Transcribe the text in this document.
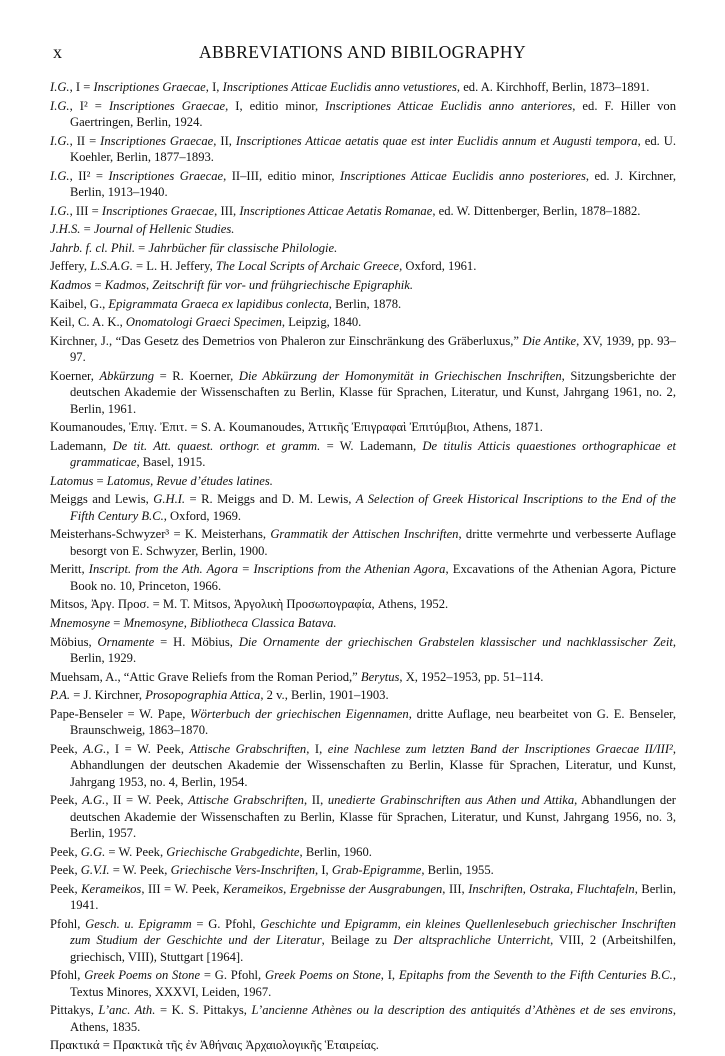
x	ABBREVIATIONS AND BIBILOGRAPHY
I.G., I = Inscriptiones Graecae, I, Inscriptiones Atticae Euclidis anno vetustiores, ed. A. Kirchhoff, Berlin, 1873–1891.
I.G., I² = Inscriptiones Graecae, I, editio minor, Inscriptiones Atticae Euclidis anno anteriores, ed. F. Hiller von Gaertringen, Berlin, 1924.
I.G., II = Inscriptiones Graecae, II, Inscriptiones Atticae aetatis quae est inter Euclidis annum et Augusti tempora, ed. U. Koehler, Berlin, 1877–1893.
I.G., II² = Inscriptiones Graecae, II–III, editio minor, Inscriptiones Atticae Euclidis anno posteriores, ed. J. Kirchner, Berlin, 1913–1940.
I.G., III = Inscriptiones Graecae, III, Inscriptiones Atticae Aetatis Romanae, ed. W. Dittenberger, Berlin, 1878–1882.
J.H.S. = Journal of Hellenic Studies.
Jahrb. f. cl. Phil. = Jahrbücher für classische Philologie.
Jeffery, L.S.A.G. = L. H. Jeffery, The Local Scripts of Archaic Greece, Oxford, 1961.
Kadmos = Kadmos, Zeitschrift für vor- und frühgriechische Epigraphik.
Kaibel, G., Epigrammata Graeca ex lapidibus conlecta, Berlin, 1878.
Keil, C. A. K., Onomatologi Graeci Specimen, Leipzig, 1840.
Kirchner, J., “Das Gesetz des Demetrios von Phaleron zur Einschränkung des Gräberluxus,” Die Antike, XV, 1939, pp. 93–97.
Koerner, Abkürzung = R. Koerner, Die Abkürzung der Homonymität in Griechischen Inschriften, Sitzungsberichte der deutschen Akademie der Wissenschaften zu Berlin, Klasse für Sprachen, Literatur, und Kunst, Jahrgang 1961, no. 2, Berlin, 1961.
Koumanoudes, Ἐπιγ. Ἐπιτ. = S. A. Koumanoudes, Ἀττικῆς Ἐπιγραφαὶ Ἐπιτύμβιοι, Athens, 1871.
Lademann, De tit. Att. quaest. orthogr. et gramm. = W. Lademann, De titulis Atticis quaestiones orthographicae et grammaticae, Basel, 1915.
Latomus = Latomus, Revue d’études latines.
Meiggs and Lewis, G.H.I. = R. Meiggs and D. M. Lewis, A Selection of Greek Historical Inscriptions to the End of the Fifth Century B.C., Oxford, 1969.
Meisterhans-Schwyzer³ = K. Meisterhans, Grammatik der Attischen Inschriften, dritte vermehrte und verbesserte Auflage besorgt von E. Schwyzer, Berlin, 1900.
Meritt, Inscript. from the Ath. Agora = Inscriptions from the Athenian Agora, Excavations of the Athenian Agora, Picture Book no. 10, Princeton, 1966.
Mitsos, Ἀργ. Προσ. = M. T. Mitsos, Ἀργολικὴ Προσωπογραφία, Athens, 1952.
Mnemosyne = Mnemosyne, Bibliotheca Classica Batava.
Möbius, Ornamente = H. Möbius, Die Ornamente der griechischen Grabstelen klassischer und nachklassischer Zeit, Berlin, 1929.
Muehsam, A., “Attic Grave Reliefs from the Roman Period,” Berytus, X, 1952–1953, pp. 51–114.
P.A. = J. Kirchner, Prosopographia Attica, 2 v., Berlin, 1901–1903.
Pape-Benseler = W. Pape, Wörterbuch der griechischen Eigennamen, dritte Auflage, neu bearbeitet von G. E. Benseler, Braunschweig, 1863–1870.
Peek, A.G., I = W. Peek, Attische Grabschriften, I, eine Nachlese zum letzten Band der Inscriptiones Graecae II/III², Abhandlungen der deutschen Akademie der Wissenschaften zu Berlin, Klasse für Sprachen, Literatur, und Kunst, Jahrgang 1953, no. 4, Berlin, 1954.
Peek, A.G., II = W. Peek, Attische Grabschriften, II, unedierte Grabinschriften aus Athen und Attika, Abhandlungen der deutschen Akademie der Wissenschaften zu Berlin, Klasse für Sprachen, Literatur, und Kunst, Jahrgang 1956, no. 3, Berlin, 1957.
Peek, G.G. = W. Peek, Griechische Grabgedichte, Berlin, 1960.
Peek, G.V.I. = W. Peek, Griechische Vers-Inschriften, I, Grab-Epigramme, Berlin, 1955.
Peek, Kerameikos, III = W. Peek, Kerameikos, Ergebnisse der Ausgrabungen, III, Inschriften, Ostraka, Fluchtafeln, Berlin, 1941.
Pfohl, Gesch. u. Epigramm = G. Pfohl, Geschichte und Epigramm, ein kleines Quellenlesebuch griechischer Inschriften zum Studium der Geschichte und der Literatur, Beilage zu Der altsprachliche Unterricht, VIII, 2 (Arbeitshilfen, griechisch, VIII), Stuttgart [1964].
Pfohl, Greek Poems on Stone = G. Pfohl, Greek Poems on Stone, I, Epitaphs from the Seventh to the Fifth Centuries B.C., Textus Minores, XXXVI, Leiden, 1967.
Pittakys, L’anc. Ath. = K. S. Pittakys, L’ancienne Athènes ou la description des antiquités d’Athènes et de ses environs, Athens, 1835.
Πρακτικά = Πρακτικὰ τῆς ἐν Ἀθήναις Ἀρχαιολογικῆς Ἑταιρείας.
